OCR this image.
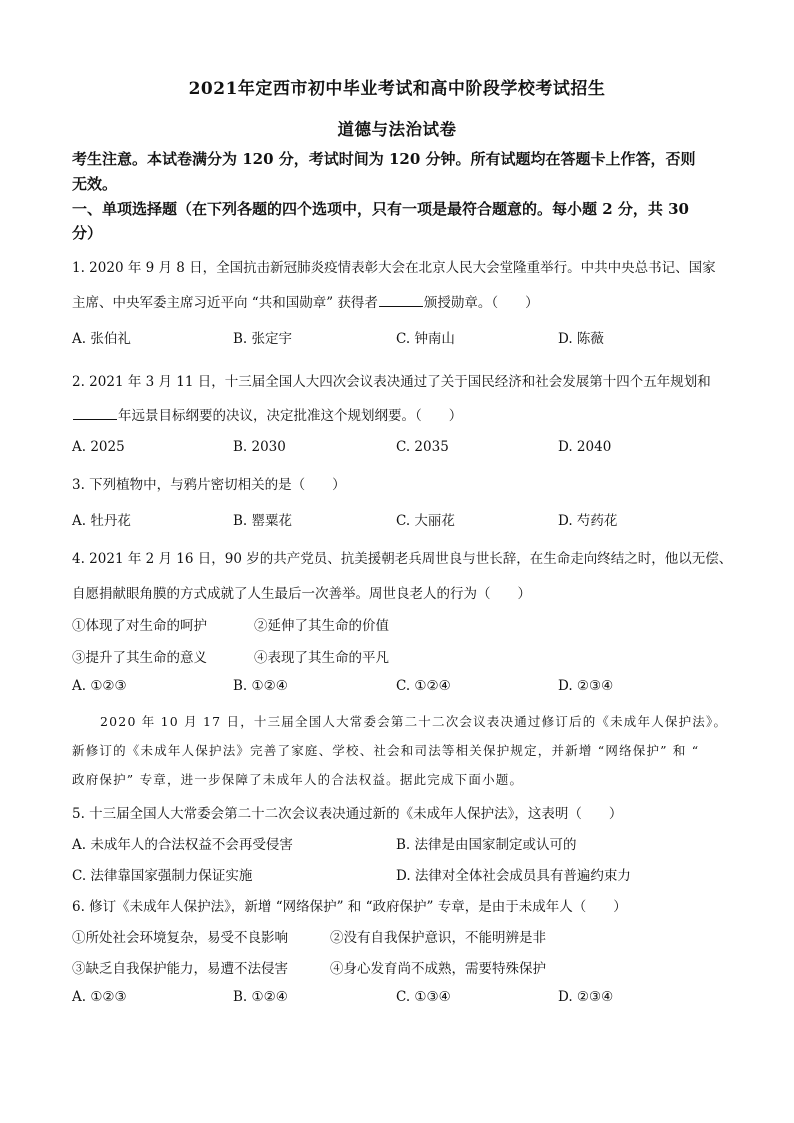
2021年定西市初中毕业考试和高中阶段学校考试招生
道德与法治试卷
考生注意。本试卷满分为 120 分，考试时间为 120 分钟。所有试题均在答题卡上作答，否则
无效。
一、单项选择题（在下列各题的四个选项中，只有一项是最符合题意的。每小题 2 分，共 30
分）
1. 2020 年 9 月 8 日，全国抗击新冠肺炎疫情表彰大会在北京人民大会堂隆重举行。中共中央总书记、国家
主席、中央军委主席习近平向 “共和国勋章” 获得者	颁授勋章。（　　）
A. 张伯礼	B. 张定宇	C. 钟南山	D. 陈薇
2. 2021 年 3 月 11 日，十三届全国人大四次会议表决通过了关于国民经济和社会发展第十四个五年规划和
年远景目标纲要的决议，决定批准这个规划纲要。（　　）
A. 2025	B. 2030	C. 2035	D. 2040
3. 下列植物中，与鸦片密切相关的是（　　）
A. 牡丹花	B. 罂粟花	C. 大丽花	D. 芍药花
4. 2021 年 2 月 16 日，90 岁的共产党员、抗美援朝老兵周世良与世长辞，在生命走向终结之时，他以无偿、
自愿捐献眼角膜的方式成就了人生最后一次善举。周世良老人的行为（　　）
①体现了对生命的呵护	②延伸了其生命的价值
③提升了其生命的意义	④表现了其生命的平凡
A. ①②③	B. ①②④	C. ①②④	D. ②③④
2020 年 10 月 17 日，十三届全国人大常委会第二十二次会议表决通过修订后的《未成年人保护法》。
新修订的《未成年人保护法》完善了家庭、学校、社会和司法等相关保护规定，并新增 “网络保护” 和 “
政府保护” 专章，进一步保障了未成年人的合法权益。据此完成下面小题。
5. 十三届全国人大常委会第二十二次会议表决通过新的《未成年人保护法》，这表明（　　）
A. 未成年人的合法权益不会再受侵害	B. 法律是由国家制定或认可的
C. 法律靠国家强制力保证实施	D. 法律对全体社会成员具有普遍约束力
6. 修订《未成年人保护法》，新增 “网络保护” 和 “政府保护” 专章，是由于未成年人（　　）
①所处社会环境复杂，易受不良影响	②没有自我保护意识，不能明辨是非
③缺乏自我保护能力，易遭不法侵害	④身心发育尚不成熟，需要特殊保护
A. ①②③	B. ①②④	C. ①③④	D. ②③④
